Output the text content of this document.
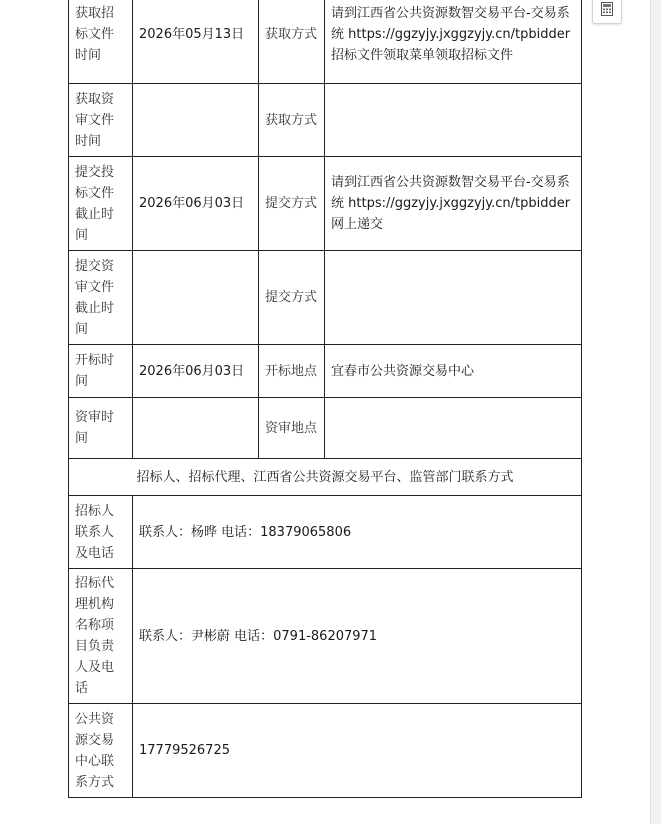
获取招标文件时间	2026年05月13日	获取方式	请到江西省公共资源数智交易平台-交易系统 https://ggzyjy.jxggzyjy.cn/tpbidder 招标文件领取菜单领取招标文件
获取资审文件时间		获取方式	
提交投标文件截止时间	2026年06月03日	提交方式	请到江西省公共资源数智交易平台-交易系统 https://ggzyjy.jxggzyjy.cn/tpbidder 网上递交
提交资审文件截止时间		提交方式	
开标时间	2026年06月03日	开标地点	宜春市公共资源交易中心
资审时间		资审地点	
招标人、招标代理、江西省公共资源交易平台、监管部门联系方式			
招标人联系人及电话	联系人：杨晔 电话：18379065806		
招标代理机构名称项目负责人及电话	联系人：尹彬蔚 电话：0791-86207971		
公共资源交易中心联系方式	17779526725		
